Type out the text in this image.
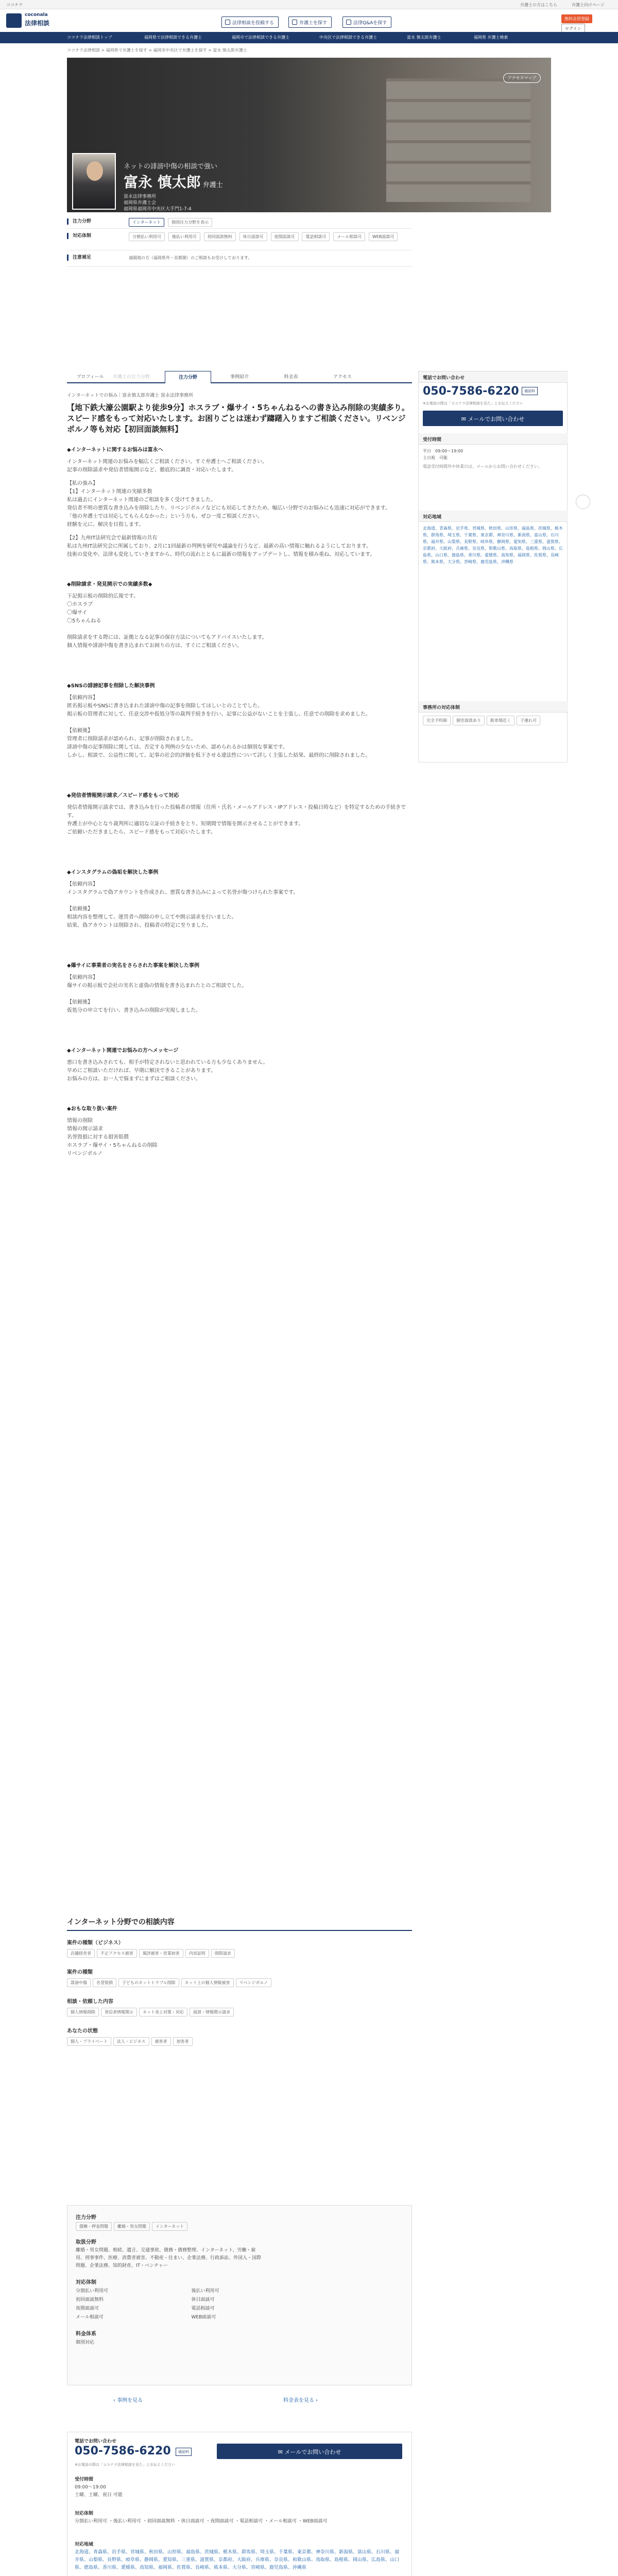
ココナラ	弁護士の方はこちら	弁護士向けページ
coconala
法律相談	法律相談を投稿する	弁護士を探す	法律Q&Aを探す
無料会員登録
ログイン
ココナラ法律相談トップ	福岡県で法律相談できる弁護士	福岡市で法律相談できる弁護士	中央区で法律相談できる弁護士	富永 慎太郎弁護士	福岡県 弁護士検索
ココナラ法律相談 > 福岡県で弁護士を探す > 福岡市中央区で弁護士を探す > 富永 慎太郎弁護士
アクセスマップ
ネットの誹謗中傷の相談で強い
富永 慎太郎 弁護士
富永法律事務所
福岡県弁護士会
福岡県福岡市中央区大手門1-7-4
注力分野	インターネット	個別注力分野を表示
対応体制	分割払い利用可	後払い利用可	初回面談無料	休日面談可	夜間面談可	電話相談可	メール相談可	WEB面談可
注意補足	遠隔地の方（福岡県外・首都圏）のご相談もお受けしております。
プロフィール	弁護士の注力分野	注力分野	事例紹介	料金表	アクセス
インターネットでの悩み｜富永慎太郎弁護士 富永法律事務所
【地下鉄大濠公園駅より徒歩9分】ホスラブ・爆サイ・5ちゃんねるへの書き込み削除の実績多り。スピード感をもって対応いたします。お困りごとは迷わず躊躇入りますご相談ください。リベンジポルノ等も対応【初回面談無料】
◆インターネットに関するお悩みは富永へ
インターネット関連のお悩みを幅広くご相談ください。すぐ弁護士へご相談ください。
記事の削除請求や発信者情報開示など、徹底的に調査・対応いたします。
【私の強み】
【1】インターネット関連の実績多数
私は過去にインターネット関連のご相談を多く受けてきました。
発信者不明の悪質な書き込みを削除したり、リベンジポルノなどにも対応してきたため、幅広い分野でのお悩みにも迅速に対応ができます。
「他の弁護士では対応してもらえなかった」という方も、ぜひ一度ご相談ください。
経験を元に、解決を目指します。
【2】九州IT法研究会で最新情報の共有
私は九州IT法研究会に所属しており、2月に1回最新の判例を研究や議論を行うなど、最新の高い情報に触れるようにしております。
技術の変化や、法律も変化していきますから、時代の流れとともに最新の情報をアップデートし、情報を積み重ね、対応しています。
◆削除請求・発見開示での実績多数◆
下記掲示板の削除的広報です。
〇ホスラブ
〇爆サイ
〇5ちゃんねる

削除請求をする際には、証拠となる記事の保存方法についてもアドバイスいたします。
個人情報や誹謗中傷を書き込まれてお困りの方は、すぐにご相談ください。
◆SNSの誹謗記事を削除した解決事例
【依頼内容】
匿名掲示板やSNSに書き込まれた誹謗中傷の記事を削除してほしいとのことでした。
掲示板の管理者に対して、任意交渉や仮処分等の裁判手続きを行い、記事に公益がないことを主張し、任意での削除を求めました。

【依頼後】
管理者に削除請求が認められ、記事が削除されました。
誹謗中傷の記事削除に関しては、否定する判例の少ないため、認められるかは個別な事案です。
しかし、相談で、公益性に関して、記事の社会的評価を低下させる違法性について詳しく主張した結果、最終的に削除されました。
◆発信者情報開示請求／スピード感をもって対応
発信者情報開示請求では、書き込みを行った投稿者の情報（住所・氏名・メールアドレス・IPアドレス・投稿日時など）を特定するための手続きです。
弁護士が中心となり裁判所に適切な立証の手続きをとり、短期間で情報を開示させることができます。
ご依頼いただきましたら、スピード感をもって対応いたします。
◆インスタグラムの偽垢を解決した事例
【依頼内容】
インスタグラムで偽アカウントを作成され、悪質な書き込みによって名誉が傷つけられた事案です。

【依頼後】
相談内容を整理して、運営者へ削除の申し立てや開示請求を行いました。
結果、偽アカウントは削除され、投稿者の特定に至りました。
◆爆サイに事業者の実名をさらされた事案を解決した事例
【依頼内容】
爆サイの掲示板で会社の実名と虚偽の情報を書き込まれたとのご相談でした。

【依頼後】
仮処分の申立てを行い、書き込みの削除が実現しました。
◆インターネット関連でお悩みの方へメッセージ
悪口を書き込みされても、相手が特定されないと思われている方も少なくありません。
早めにご相談いただければ、早期に解決できることがあります。
お悩みの方は、お一人で悩まずにまずはご相談ください。
◆おもな取り扱い案件
情報の削除
情報の開示請求
名誉毀損に対する損害賠償
ホスラブ・爆サイ・5ちゃんねるの削除
リベンジポルノ
電話でお問い合わせ
050-7586-6220	通話料
※お電話の際は「ココナラ法律相談を見た」とお伝えください
✉ メールでお問い合わせ
受付時間
平日　 09:00～19:00
土日祝　 可能
電話受付時間外や休業日は、メールからお問い合わせください。
対応地域
北海道、青森県、岩手県、宮城県、秋田県、山形県、福島県、茨城県、栃木県、群馬県、埼玉県、千葉県、東京都、神奈川県、新潟県、富山県、石川県、福井県、山梨県、長野県、岐阜県、静岡県、愛知県、三重県、滋賀県、京都府、大阪府、兵庫県、奈良県、和歌山県、鳥取県、島根県、岡山県、広島県、山口県、徳島県、香川県、愛媛県、高知県、福岡県、佐賀県、長崎県、熊本県、大分県、宮崎県、鹿児島県、沖縄県
事務所の対応体制
完全予約制 個室面談あり 駐車場近く 子連れ可
インターネット分野での相談内容
案件の種類（ビジネス）
店舗経営者 不正アクセス被害 風評被害・営業妨害 内容証明 削除請求
案件の種類
誹謗中傷 名誉毀損 子どものネットトラブル削除 ネット上の個人情報被害 リベンジポルノ
相談・依頼した内容
個人情報削除 発信者情報開示 ネット炎上対策・対応 面談・情報開示請求
あなたの状態
個人・プライベート 法人・ビジネス 被害者 加害者
注力分野
債権・押金問題 離婚・男女問題 インターネット
取扱分野
離婚・男女問題、相続、遺言、交通事故、債務・債務整理、インターネット、労働・雇用、刑事事件、医療、消費者被害、不動産・住まい、企業法務、行政訴訟、外国人・国際問題、企業法務、知的財産、IT・ベンチャー
対応体制
分割払い利用可
初回面談無料
夜間面談可
メール相談可
後払い利用可
休日面談可
電話相談可
WEB面談可
料金体系
個別対応
‹ 事例を見る	料金表を見る ›
電話でお問い合わせ
050-7586-6220	通話料	✉ メールでお問い合わせ
※お電話の際は「ココナラ法律相談を見た」とお伝えください
受付時間
09:00～19:00
土曜、土曜、祝日 可能
対応体制
分割払い利用可 ・後払い利用可 ・初回面談無料 ・休日面談可 ・夜間面談可 ・電話相談可 ・メール相談可 ・WEB面談可
対応地域
北海道、青森県、岩手県、宮城県、秋田県、山形県、福島県、茨城県、栃木県、群馬県、埼玉県、千葉県、東京都、神奈川県、新潟県、富山県、石川県、福井県、山梨県、長野県、岐阜県、静岡県、愛知県、三重県、滋賀県、京都府、大阪府、兵庫県、奈良県、和歌山県、鳥取県、島根県、岡山県、広島県、山口県、徳島県、香川県、愛媛県、高知県、福岡県、佐賀県、長崎県、熊本県、大分県、宮崎県、鹿児島県、沖縄県
